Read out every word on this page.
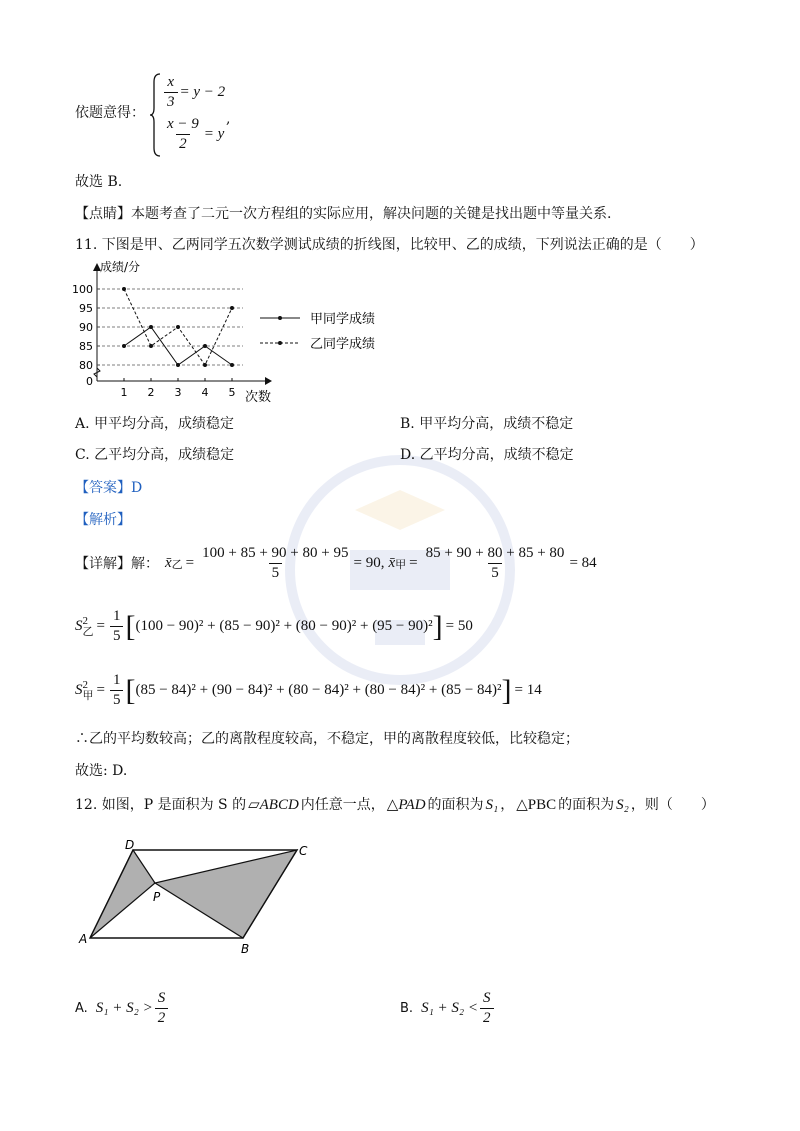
依题意得：
$\frac{x}{3} = y - 2$
$\frac{x - 9}{2} = y$
,
故选 B.
【点睛】本题考查了二元一次方程组的实际应用，解决问题的关键是找出题中等量关系.
11. 下图是甲、乙两同学五次数学测试成绩的折线图，比较甲、乙的成绩，下列说法正确的是（　　）
成绩/分
次数
0
80
85
90
95
100
1 2 3 4 5
甲同学成绩
乙同学成绩
A. 甲平均分高，成绩稳定	B. 甲平均分高，成绩不稳定
C. 乙平均分高，成绩稳定	D. 乙平均分高，成绩不稳定
【答案】D
【解析】
【详解】解： x̄ 乙 = $\frac{100 + 85 + 90 + 80 + 95}{5} = 90$, x̄ 甲 = $\frac{85 + 90 + 80 + 85 + 80}{5} = 84$
S 2
乙 = $\frac{1}{5}$ [ (100 − 90)² + (85 − 90)² + (80 − 90)² + (95 − 90)² ] = 50
S 2
甲 = $\frac{1}{5}$ [ (85 − 84)² + (90 − 84)² + (80 − 84)² + (80 − 84)² + (85 − 84)² ] = 14
∴乙的平均数较高；乙的离散程度较高，不稳定，甲的离散程度较低，比较稳定；
故选: D.
12. 如图，P 是面积为 S 的 ▱ABCD 内任意一点， △PAD 的面积为 S₁ ， △PBC 的面积为 S₂ ，则（　　）
D	C
P
A
B
A. $S_1 + S_2 > \frac{S}{2}$	B. $S_1 + S_2 < \frac{S}{2}$
